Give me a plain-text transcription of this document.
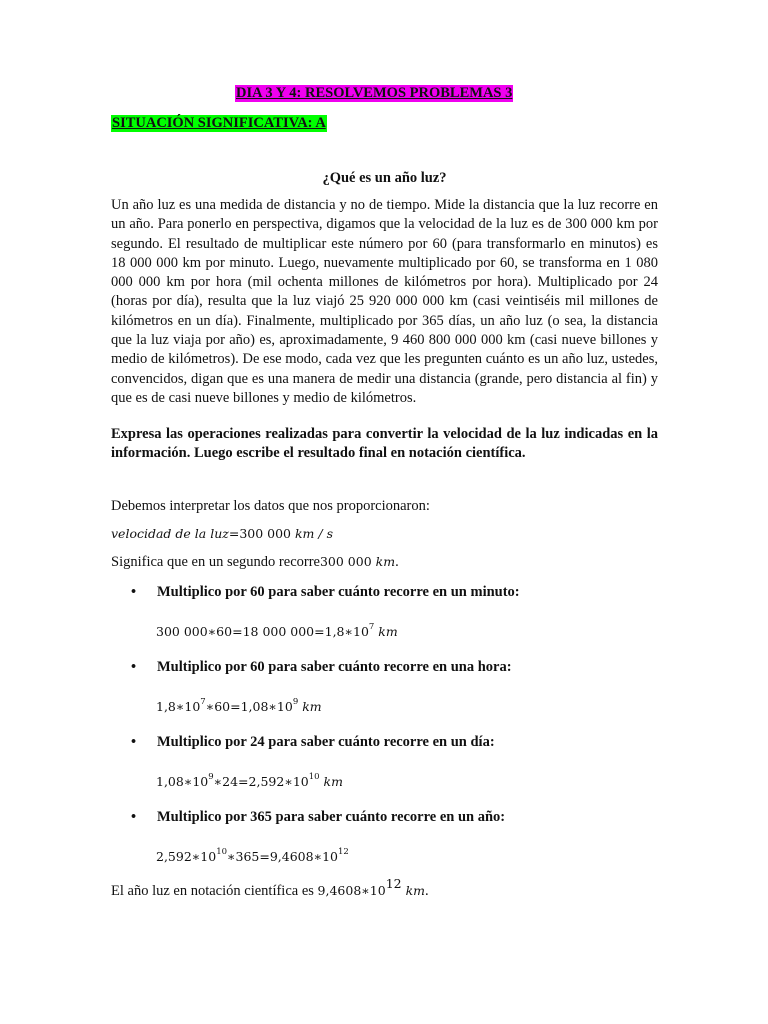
DIA 3 Y 4: RESOLVEMOS PROBLEMAS 3
SITUACIÓN SIGNIFICATIVA: A
¿Qué es un año luz?
Un año luz es una medida de distancia y no de tiempo. Mide la distancia que la luz recorre en un año. Para ponerlo en perspectiva, digamos que la velocidad de la luz es de 300 000 km por segundo. El resultado de multiplicar este número por 60 (para transformarlo en minutos) es 18 000 000 km por minuto. Luego, nuevamente multiplicado por 60, se transforma en 1 080 000 000 km por hora (mil ochenta millones de kilómetros por hora). Multiplicado por 24 (horas por día), resulta que la luz viajó 25 920 000 000 km (casi veintiséis mil millones de kilómetros en un día). Finalmente, multiplicado por 365 días, un año luz (o sea, la distancia que la luz viaja por año) es, aproximadamente, 9 460 800 000 000 km (casi nueve billones y medio de kilómetros). De ese modo, cada vez que les pregunten cuánto es un año luz, ustedes, convencidos, digan que es una manera de medir una distancia (grande, pero distancia al fin) y que es de casi nueve billones y medio de kilómetros.
Expresa las operaciones realizadas para convertir la velocidad de la luz indicadas en la información. Luego escribe el resultado final en notación científica.
Debemos interpretar los datos que nos proporcionaron:
velocidad de la luz=300 000 km / s
Significa que en un segundo recorre300 000 km.
• Multiplico por 60 para saber cuánto recorre en un minuto:
300 000∗60=18 000 $000=1,8∗10^7$ km
• Multiplico por 60 para saber cuánto recorre en una hora:
$1,8∗10^7∗60=1,08∗10^9$ km
• Multiplico por 24 para saber cuánto recorre en un día:
$1,08∗10^9∗24=2,592∗10^{10}$ km
• Multiplico por 365 para saber cuánto recorre en un año:
$2,592∗10^{10}∗365=9,4608∗10^{12}$
El año luz en notación científica es $9,4608∗10^{12}$ km.
